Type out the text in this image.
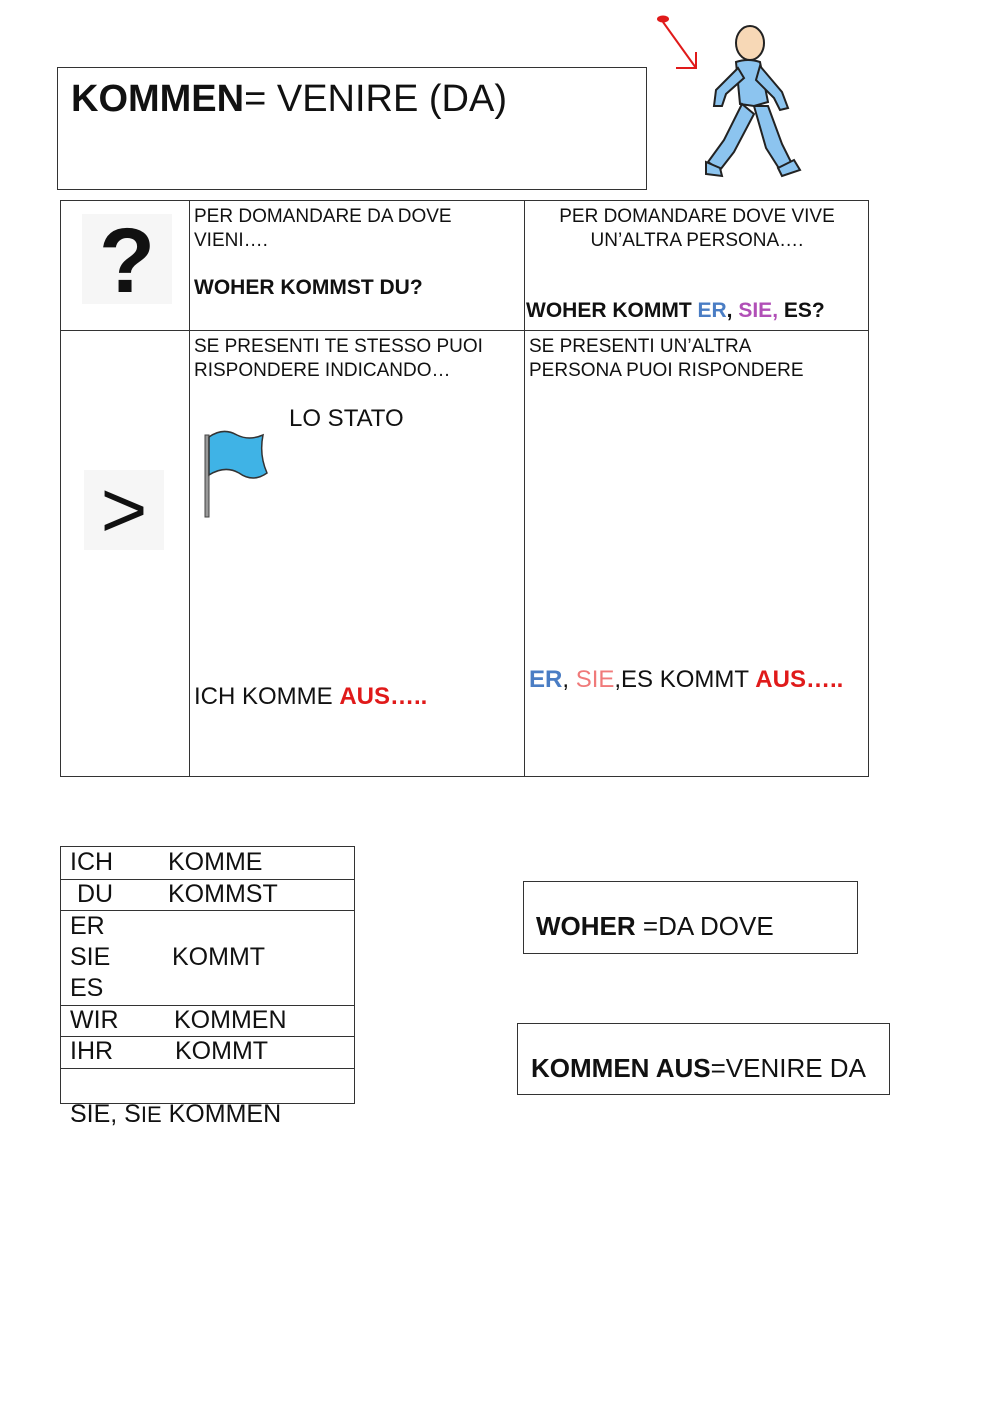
KOMMEN= VENIRE (DA)
PER DOMANDARE DA DOVE
VIENI….
WOHER KOMMST DU?
PER DOMANDARE DOVE VIVE
UN’ALTRA PERSONA….
WOHER KOMMT ER, SIE, ES?
SE PRESENTI TE STESSO PUOI
RISPONDERE INDICANDO…
LO STATO
ICH KOMME AUS…..
SE PRESENTI UN’ALTRA
PERSONA PUOI RISPONDERE
ER, SIE,ES KOMMT AUS…..
?
>
ICH KOMME
DU KOMMST
ER
SIE
ES
KOMMT
WIR KOMMEN
IHR KOMMT

SIE, SIE KOMMEN

WOHER =DA DOVE
KOMMEN AUS=VENIRE DA
